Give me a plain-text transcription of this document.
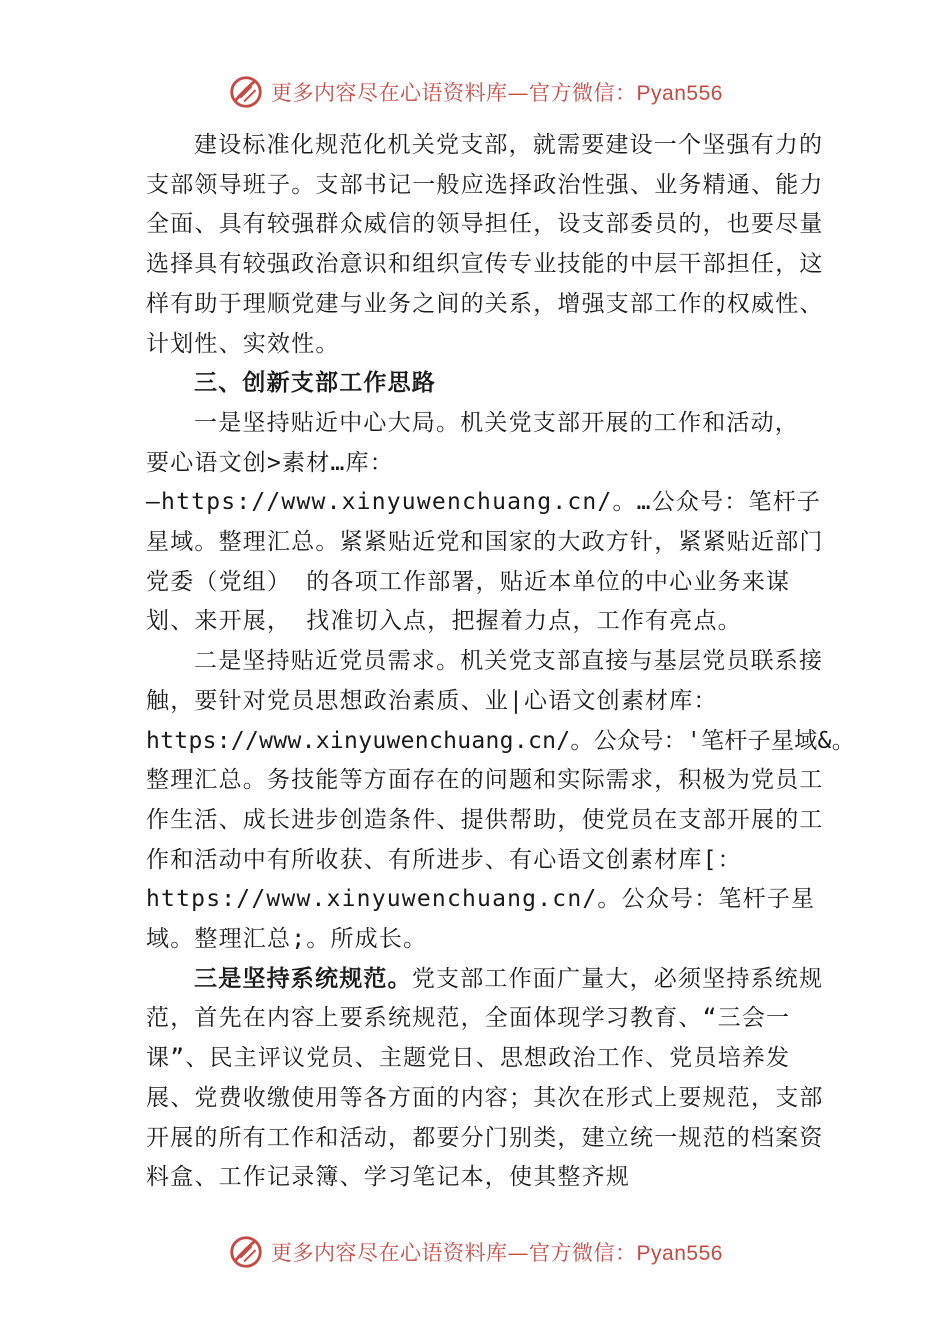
更多内容尽在心语资料库—官方微信：Pyan556

建设标准化规范化机关党支部，就需要建设一个坚强有力的支部领导班子。支部书记一般应选择政治性强、业务精通、能力全面、具有较强群众威信的领导担任，设支部委员的，也要尽量选择具有较强政治意识和组织宣传专业技能的中层干部担任，这样有助于理顺党建与业务之间的关系，增强支部工作的权威性、计划性、实效性。

三、创新支部工作思路

一是坚持贴近中心大局。机关党支部开展的工作和活动，

要心语文创>素材…库：

—https://www.xinyuwenchuang.cn/。…公众号：笔杆子星域。整理汇总。紧紧贴近党和国家的大政方针，紧紧贴近部门党委（党组） 的各项工作部署，贴近本单位的中心业务来谋划、来开展， 找准切入点，把握着力点，工作有亮点。

二是坚持贴近党员需求。机关党支部直接与基层党员联系接触，要针对党员思想政治素质、业|心语文创素材库：

https://www.xinyuwenchuang.cn/。公众号：'笔杆子星域&。

整理汇总。务技能等方面存在的问题和实际需求，积极为党员工作生活、成长进步创造条件、提供帮助，使党员在支部开展的工作和活动中有所收获、有所进步、有心语文创素材库[：https://www.xinyuwenchuang.cn/。公众号：笔杆子星域。整理汇总;。所成长。

三是坚持系统规范。党支部工作面广量大，必须坚持系统规范，首先在内容上要系统规范，全面体现学习教育、“三会一课”、民主评议党员、主题党日、思想政治工作、党员培养发展、党费收缴使用等各方面的内容；其次在形式上要规范，支部开展的所有工作和活动，都要分门别类，建立统一规范的档案资料盒、工作记录簿、学习笔记本，使其整齐规

更多内容尽在心语资料库—官方微信：Pyan556
